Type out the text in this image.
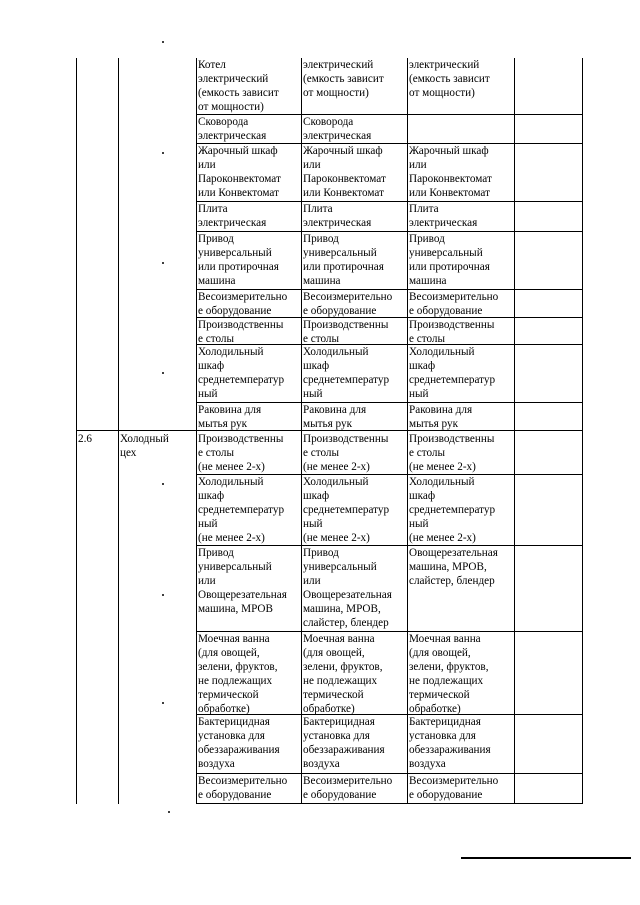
Котел
электрический
(емкость зависит
от мощности)
электрический
(емкость зависит
от мощности)
электрический
(емкость зависит
от мощности)
Сковорода
электрическая
Сковорода
электрическая
Жарочный шкаф
или
Пароконвектомат
или Конвектомат
Жарочный шкаф
или
Пароконвектомат
или Конвектомат
Жарочный шкаф
или
Пароконвектомат
или Конвектомат
Плита
электрическая
Плита
электрическая
Плита
электрическая
Привод
универсальный
или протирочная
машина
Привод
универсальный
или протирочная
машина
Привод
универсальный
или протирочная
машина
Весоизмерительно
е оборудование
Весоизмерительно
е оборудование
Весоизмерительно
е оборудование
Производственны
е столы
Производственны
е столы
Производственны
е столы
Холодильный
шкаф
среднетемператур
ный
Холодильный
шкаф
среднетемператур
ный
Холодильный
шкаф
среднетемператур
ный
Раковина для
мытья рук
Раковина для
мытья рук
Раковина для
мытья рук
2.6	Холодный
цех
Производственны
е столы
(не менее 2-х)
Производственны
е столы
(не менее 2-х)
Производственны
е столы
(не менее 2-х)
Холодильный
шкаф
среднетемператур
ный
(не менее 2-х)
Холодильный
шкаф
среднетемператур
ный
(не менее 2-х)
Холодильный
шкаф
среднетемператур
ный
(не менее 2-х)
Привод
универсальный
или
Овощерезательная
машина, МРОВ
Привод
универсальный
или
Овощерезательная
машина, МРОВ,
слайстер, блендер
Овощерезательная
машина, МРОВ,
слайстер, блендер
Моечная ванна
(для овощей,
зелени, фруктов,
не подлежащих
термической
обработке)
Моечная ванна
(для овощей,
зелени, фруктов,
не подлежащих
термической
обработке)
Моечная ванна
(для овощей,
зелени, фруктов,
не подлежащих
термической
обработке)
Бактерицидная
установка для
обеззараживания
воздуха
Бактерицидная
установка для
обеззараживания
воздуха
Бактерицидная
установка для
обеззараживания
воздуха
Весоизмерительно
е оборудование
Весоизмерительно
е оборудование
Весоизмерительно
е оборудование
